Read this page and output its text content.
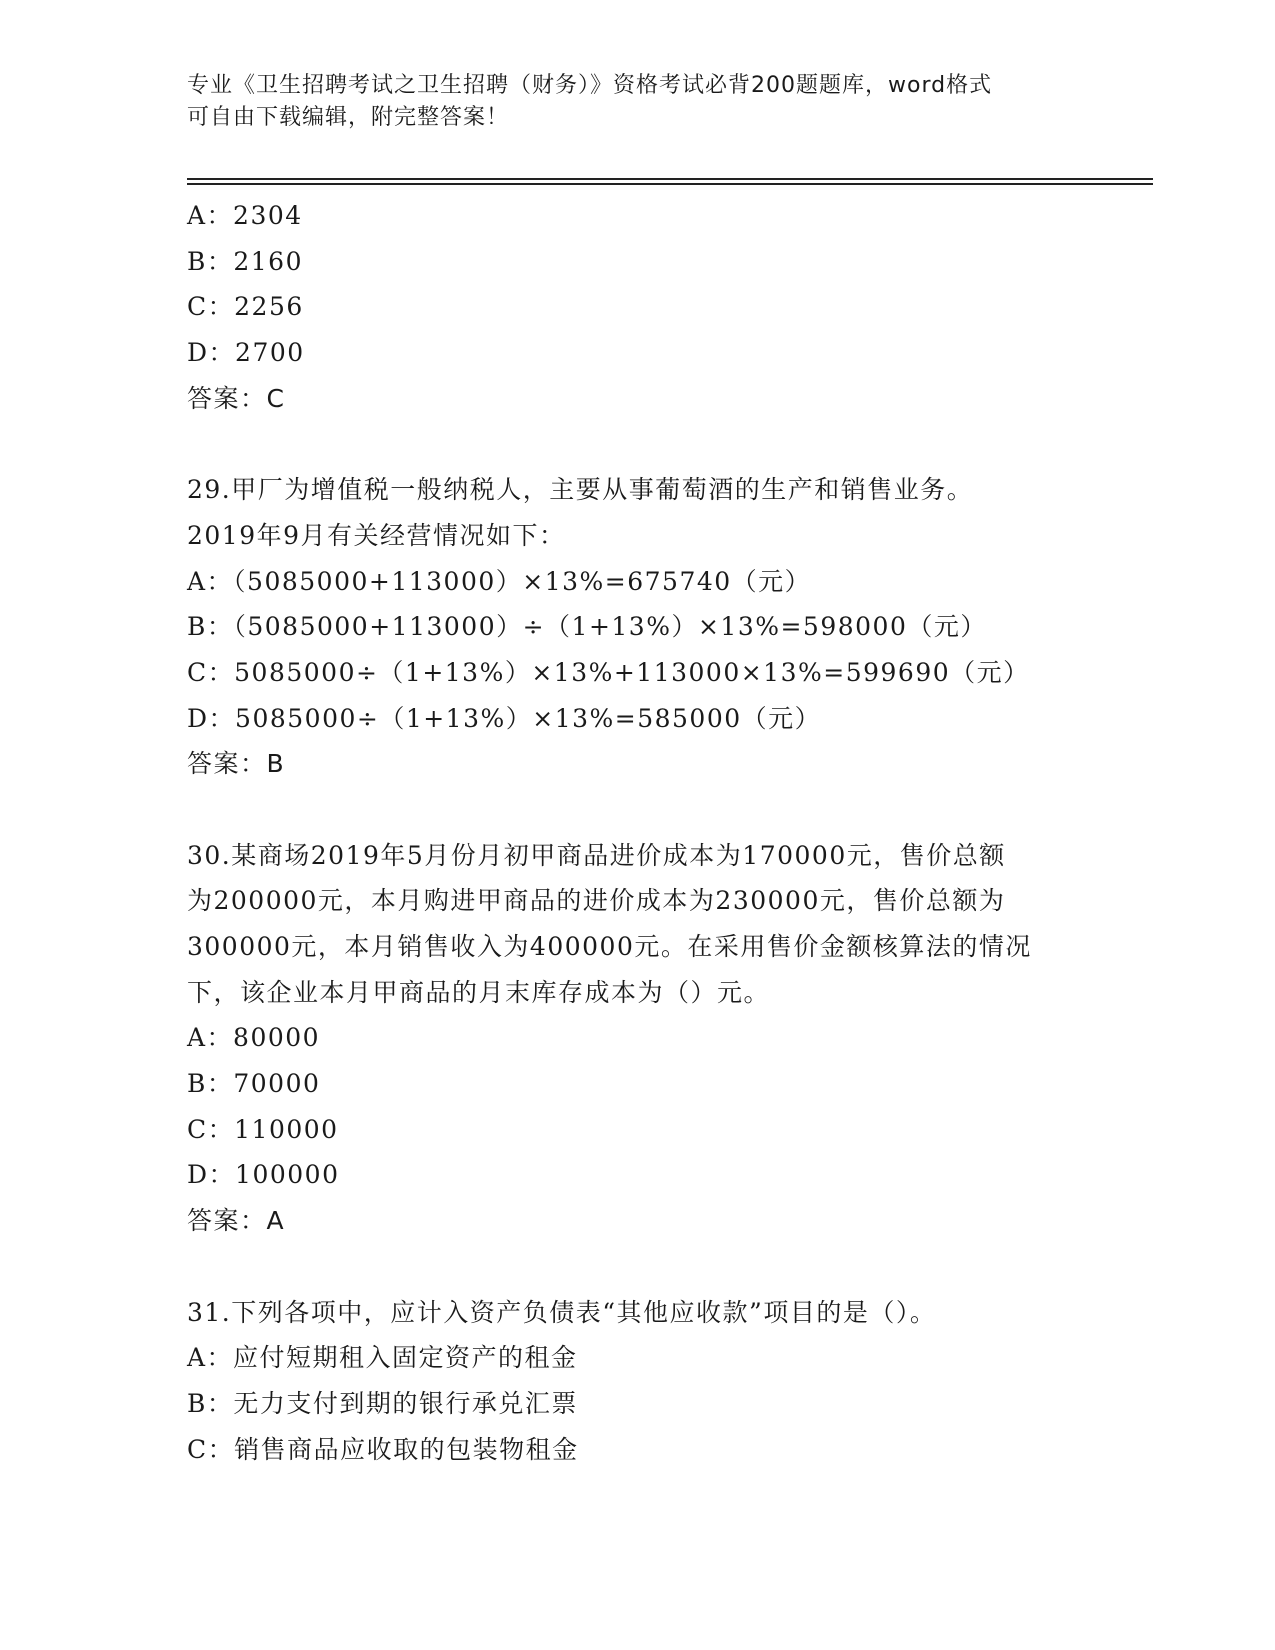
专业《卫生招聘考试之卫生招聘（财务）》资格考试必背200题题库，word格式
可自由下载编辑，附完整答案！
A：2304
B：2160
C：2256
D：2700
答案：C
29.甲厂为增值税一般纳税人，主要从事葡萄酒的生产和销售业务。
2019年9月有关经营情况如下：
A：（5085000+113000）×13%=675740（元）
B：（5085000+113000）÷（1+13%）×13%=598000（元）
C：5085000÷（1+13%）×13%+113000×13%=599690（元）
D：5085000÷（1+13%）×13%=585000（元）
答案：B
30.某商场2019年5月份月初甲商品进价成本为170000元，售价总额
为200000元，本月购进甲商品的进价成本为230000元，售价总额为
300000元，本月销售收入为400000元。在采用售价金额核算法的情况
下，该企业本月甲商品的月末库存成本为（）元。
A：80000
B：70000
C：110000
D：100000
答案：A
31.下列各项中，应计入资产负债表“其他应收款”项目的是（）。
A：应付短期租入固定资产的租金
B：无力支付到期的银行承兑汇票
C：销售商品应收取的包装物租金
